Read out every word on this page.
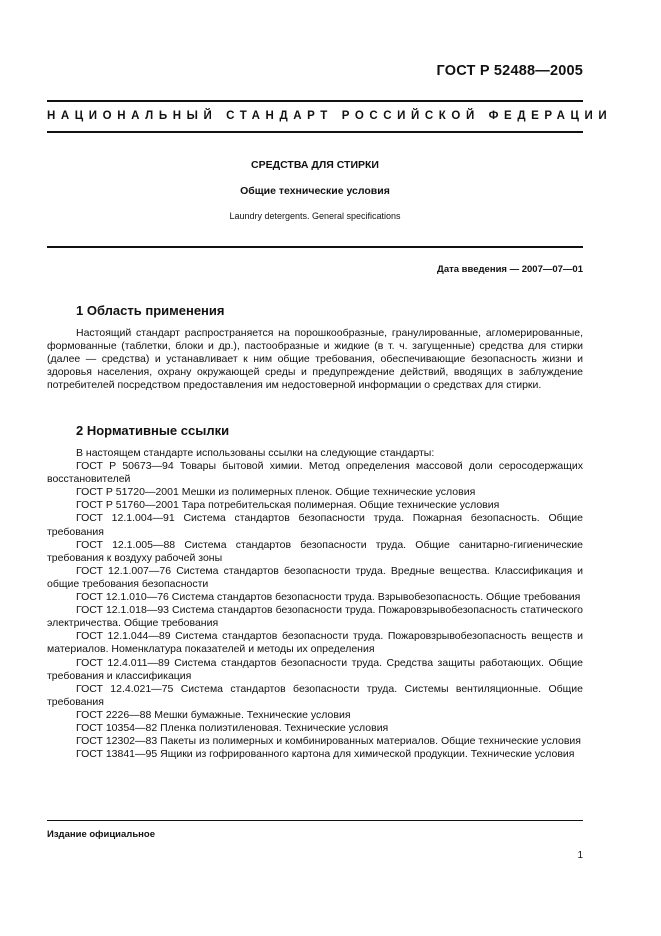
ГОСТ Р 52488—2005
НАЦИОНАЛЬНЫЙ СТАНДАРТ РОССИЙСКОЙ ФЕДЕРАЦИИ
СРЕДСТВА ДЛЯ СТИРКИ
Общие технические условия
Laundry detergents. General specifications
Дата введения — 2007—07—01
1 Область применения

Настоящий стандарт распространяется на порошкообразные, гранулированные, агломерированные, формованные (таблетки, блоки и др.), пастообразные и жидкие (в т. ч. загущенные) средства для стирки (далее — средства) и устанавливает к ним общие требования, обеспечивающие безопасность жизни и здоровья населения, охрану окружающей среды и предупреждение действий, вводящих в заблуждение потребителей посредством предоставления им недостоверной информации о средствах для стирки.

2 Нормативные ссылки

В настоящем стандарте использованы ссылки на следующие стандарты:

ГОСТ Р 50673—94 Товары бытовой химии. Метод определения массовой доли серосодержащих восстановителей

ГОСТ Р 51720—2001 Мешки из полимерных пленок. Общие технические условия

ГОСТ Р 51760—2001 Тара потребительская полимерная. Общие технические условия

ГОСТ 12.1.004—91 Система стандартов безопасности труда. Пожарная безопасность. Общие требования

ГОСТ 12.1.005—88 Система стандартов безопасности труда. Общие санитарно-гигиенические требования к воздуху рабочей зоны

ГОСТ 12.1.007—76 Система стандартов безопасности труда. Вредные вещества. Классификация и общие требования безопасности

ГОСТ 12.1.010—76 Система стандартов безопасности труда. Взрывобезопасность. Общие требования

ГОСТ 12.1.018—93 Система стандартов безопасности труда. Пожаровзрывобезопасность статического электричества. Общие требования

ГОСТ 12.1.044—89 Система стандартов безопасности труда. Пожаровзрывобезопасность веществ и материалов. Номенклатура показателей и методы их определения

ГОСТ 12.4.011—89 Система стандартов безопасности труда. Средства защиты работающих. Общие требования и классификация

ГОСТ 12.4.021—75 Система стандартов безопасности труда. Системы вентиляционные. Общие требования

ГОСТ 2226—88 Мешки бумажные. Технические условия

ГОСТ 10354—82 Пленка полиэтиленовая. Технические условия

ГОСТ 12302—83 Пакеты из полимерных и комбинированных материалов. Общие технические условия

ГОСТ 13841—95 Ящики из гофрированного картона для химической продукции. Технические условия

Издание официальное
1
